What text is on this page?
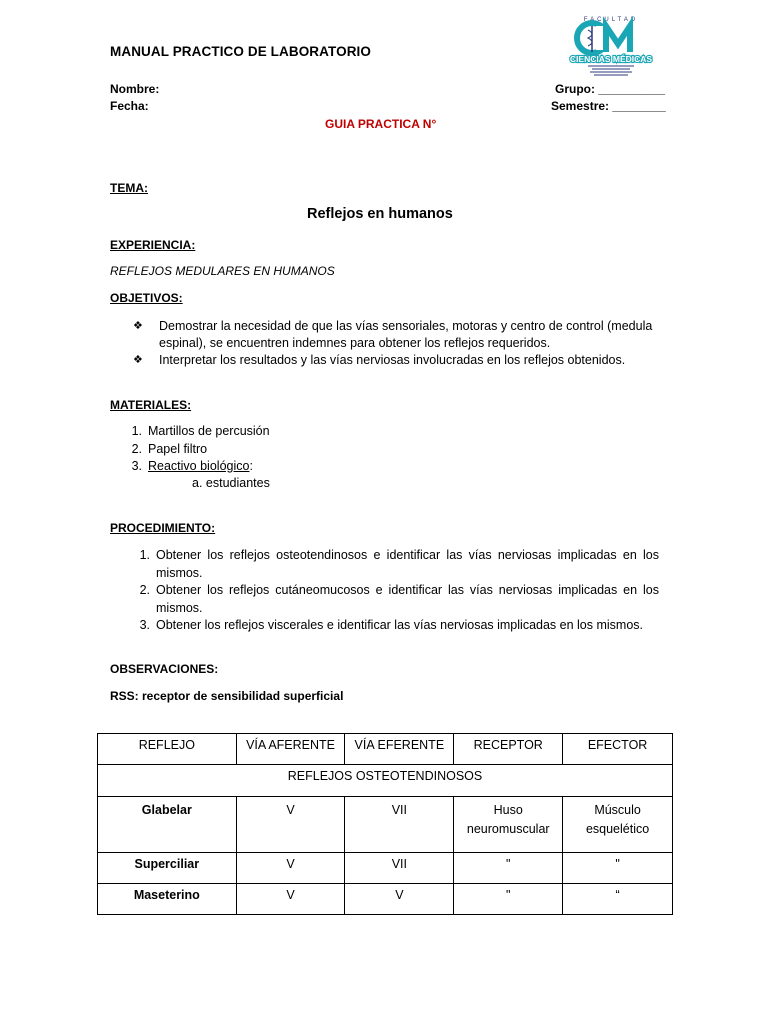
MANUAL PRACTICO DE LABORATORIO
FACULTAD
CIENCIAS MÉDICAS
Nombre:
Fecha:
Grupo: __________
Semestre: ________
GUIA PRACTICA N°
TEMA:
Reflejos en humanos
EXPERIENCIA:
REFLEJOS MEDULARES EN HUMANOS
OBJETIVOS:
❖ Demostrar la necesidad de que las vías sensoriales, motoras y centro de control (medula espinal), se encuentren indemnes para obtener los reflejos requeridos.
❖ Interpretar los resultados y las vías nerviosas involucradas en los reflejos obtenidos.
MATERIALES:
1. Martillos de percusión
2. Papel filtro
3. Reactivo biológico:
a. estudiantes
PROCEDIMIENTO:
1. Obtener los reflejos osteotendinosos e identificar las vías nerviosas implicadas en los mismos.
2. Obtener los reflejos cutáneomucosos e identificar las vías nerviosas implicadas en los mismos.
3. Obtener los reflejos viscerales e identificar las vías nerviosas implicadas en los mismos.
OBSERVACIONES:
RSS: receptor de sensibilidad superficial
REFLEJO	VÍA AFERENTE	VÍA EFERENTE	RECEPTOR	EFECTOR
REFLEJOS OSTEOTENDINOSOS				
Glabelar	V	VII	Huso neuromuscular	Músculo esquelético
Superciliar	V	VII	"	"
Maseterino	V	V	"	“
